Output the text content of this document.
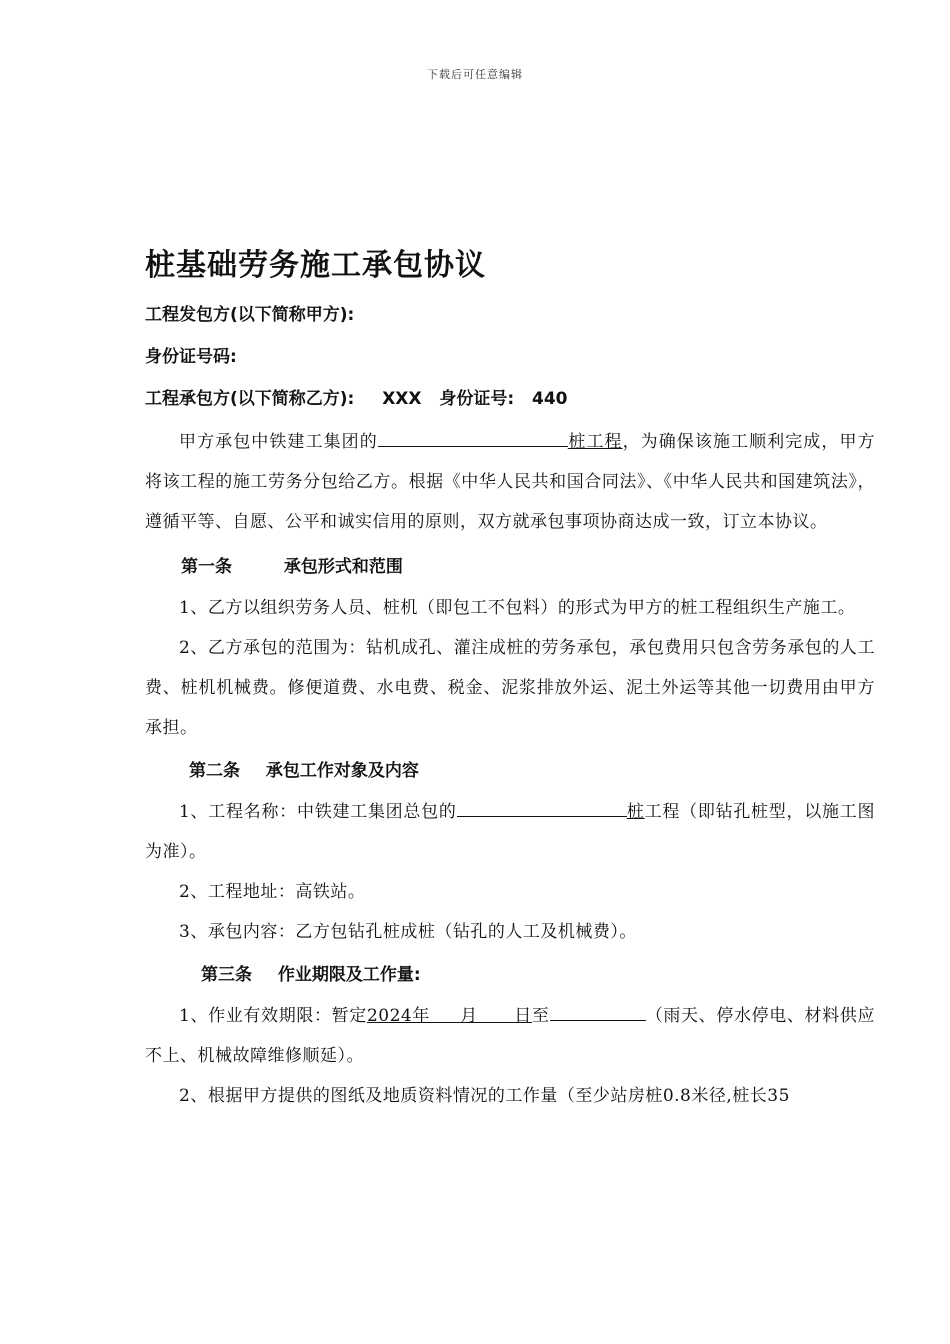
下载后可任意编辑
桩基础劳务施工承包协议
工程发包方(以下简称甲方):
身份证号码:
工程承包方(以下简称乙方): XXX 身份证号: 440

甲方承包中铁建工集团的	桩工程，为确保该施工顺利完成，甲方将该工程的施工劳务分包给乙方。根据《中华人民共和国合同法》、《中华人民共和国建筑法》，遵循平等、自愿、公平和诚实信用的原则，双方就承包事项协商达成一致，订立本协议。

第一条	承包形式和范围

1、乙方以组织劳务人员、桩机（即包工不包料）的形式为甲方的桩工程组织生产施工。

2、乙方承包的范围为：钻机成孔、灌注成桩的劳务承包，承包费用只包含劳务承包的人工费、桩机机械费。修便道费、水电费、税金、泥浆排放外运、泥土外运等其他一切费用由甲方承担。

第二条 承包工作对象及内容

1、工程名称：中铁建工集团总包的	桩工程（即钻孔桩型，以施工图为准）。

2、工程地址：高铁站。

3、承包内容：乙方包钻孔桩成桩（钻孔的人工及机械费）。

第三条 作业期限及工作量:

1、作业有效期限：暂定2024年 月 日至	（雨天、停水停电、材料供应不上、机械故障维修顺延）。

2、根据甲方提供的图纸及地质资料情况的工作量（至少站房桩0.8米径,桩长35
